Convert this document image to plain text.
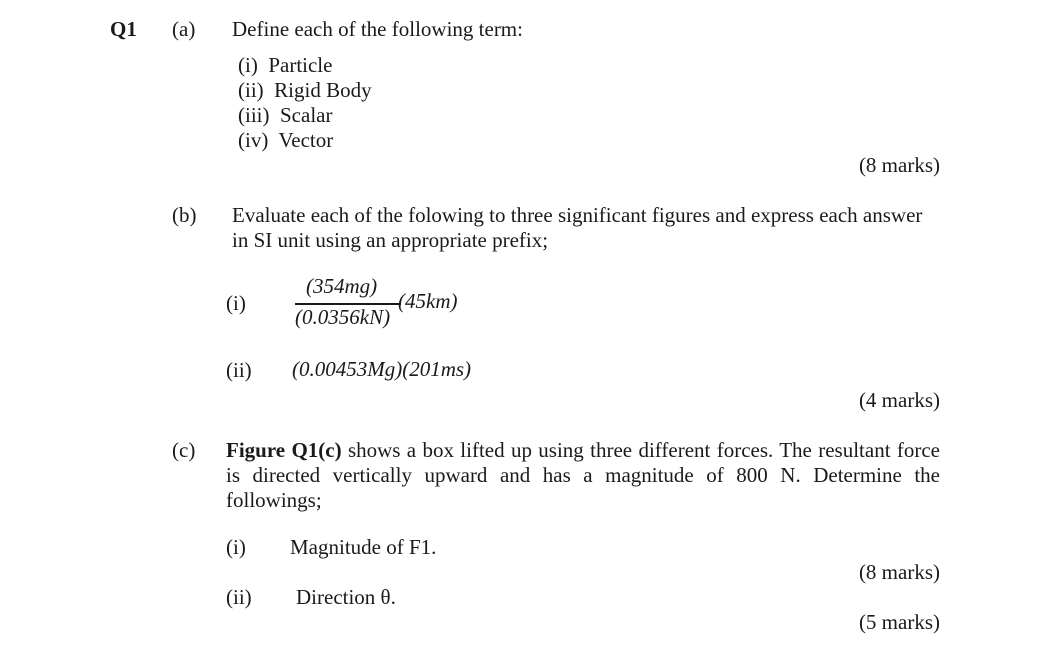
Q1 (a) Define each of the following term:
(i) Particle
(ii) Rigid Body
(iii) Scalar
(iv) Vector
(8 marks)
(b) Evaluate each of the folowing to three significant figures and express each answer
in SI unit using an appropriate prefix;
(i)
(354mg)
(0.0356kN)
(45km)
(ii) (0.00453Mg)(201ms)
(4 marks)
(c) Figure Q1(c) shows a box lifted up using three different forces. The resultant force is directed vertically upward and has a magnitude of 800 N. Determine the followings;
(i) Magnitude of F1.
(8 marks)
(ii) Direction θ.
(5 marks)
